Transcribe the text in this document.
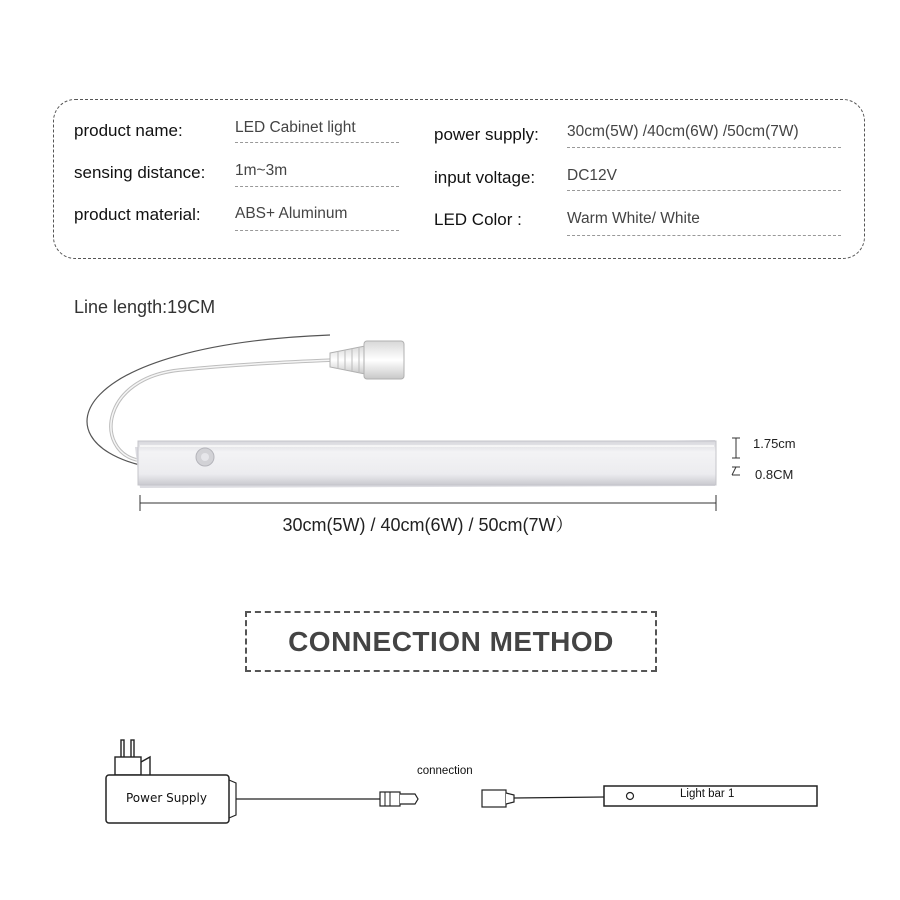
product name:	LED Cabinet light
sensing distance: 1m~3m
product material: ABS+ Aluminum
power supply: 30cm(5W) /40cm(6W) /50cm(7W)
input voltage: DC12V
LED Color :	Warm White/ White
Line length:19CM
1.75cm
0.8CM
30cm(5W) / 40cm(6W) / 50cm(7W）
CONNECTION METHOD
Power Supply
connection
Light bar 1
